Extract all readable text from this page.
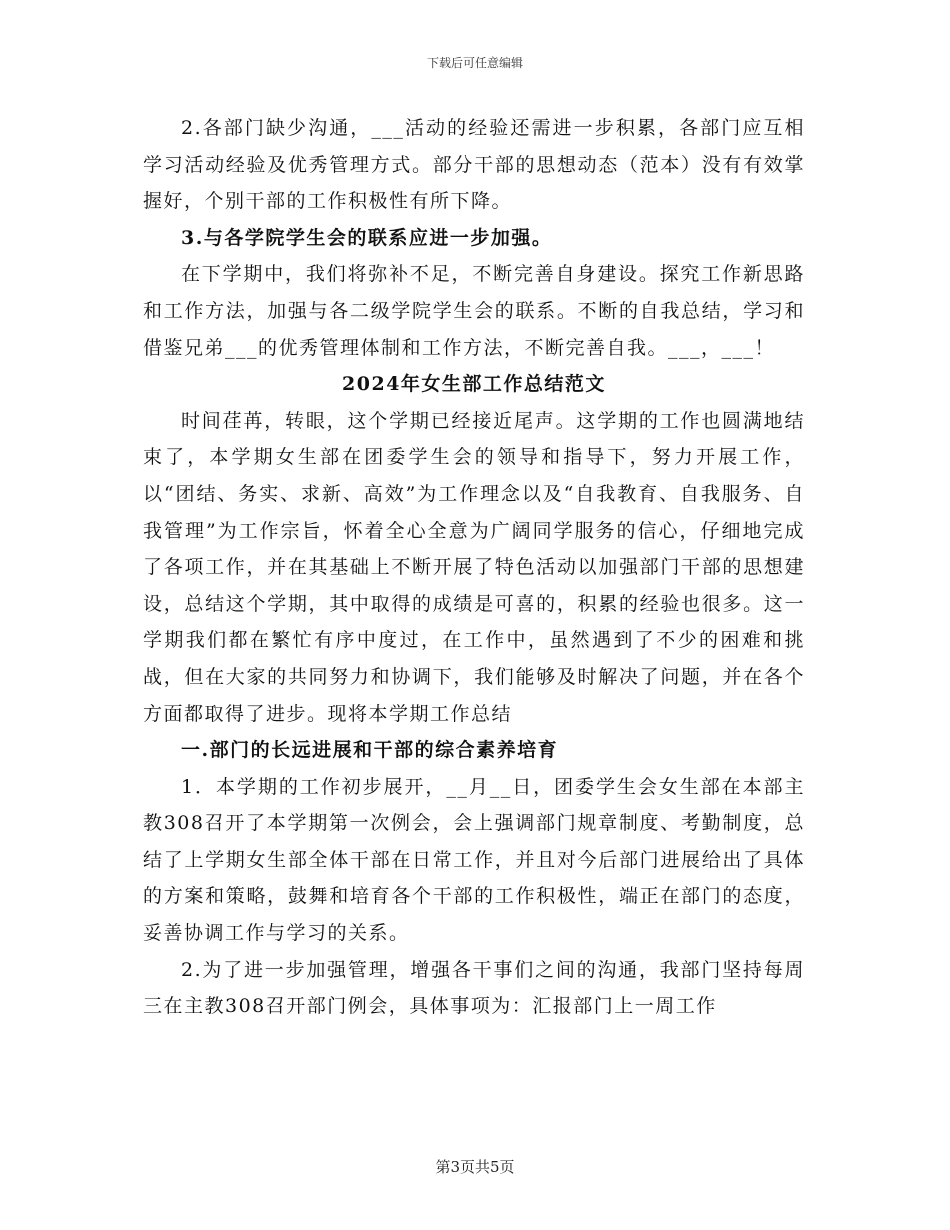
下载后可任意编辑

2.各部门缺少沟通，___活动的经验还需进一步积累，各部门应互相学习活动经验及优秀管理方式。部分干部的思想动态（范本）没有有效掌握好，个别干部的工作积极性有所下降。

3.与各学院学生会的联系应进一步加强。

在下学期中，我们将弥补不足，不断完善自身建设。探究工作新思路和工作方法，加强与各二级学院学生会的联系。不断的自我总结，学习和借鉴兄弟___的优秀管理体制和工作方法，不断完善自我。___，___！

2024年女生部工作总结范文

时间荏苒，转眼，这个学期已经接近尾声。这学期的工作也圆满地结束了，本学期女生部在团委学生会的领导和指导下，努力开展工作，以“团结、务实、求新、高效”为工作理念以及“自我教育、自我服务、自我管理”为工作宗旨，怀着全心全意为广阔同学服务的信心，仔细地完成了各项工作，并在其基础上不断开展了特色活动以加强部门干部的思想建设，总结这个学期，其中取得的成绩是可喜的，积累的经验也很多。这一学期我们都在繁忙有序中度过，在工作中，虽然遇到了不少的困难和挑战，但在大家的共同努力和协调下，我们能够及时解决了问题，并在各个方面都取得了进步。现将本学期工作总结

一.部门的长远进展和干部的综合素养培育

1．本学期的工作初步展开，__月__日，团委学生会女生部在本部主教308召开了本学期第一次例会，会上强调部门规章制度、考勤制度，总结了上学期女生部全体干部在日常工作，并且对今后部门进展给出了具体的方案和策略，鼓舞和培育各个干部的工作积极性，端正在部门的态度，妥善协调工作与学习的关系。

2.为了进一步加强管理，增强各干事们之间的沟通，我部门坚持每周三在主教308召开部门例会，具体事项为：汇报部门上一周工作

第3页共5页
